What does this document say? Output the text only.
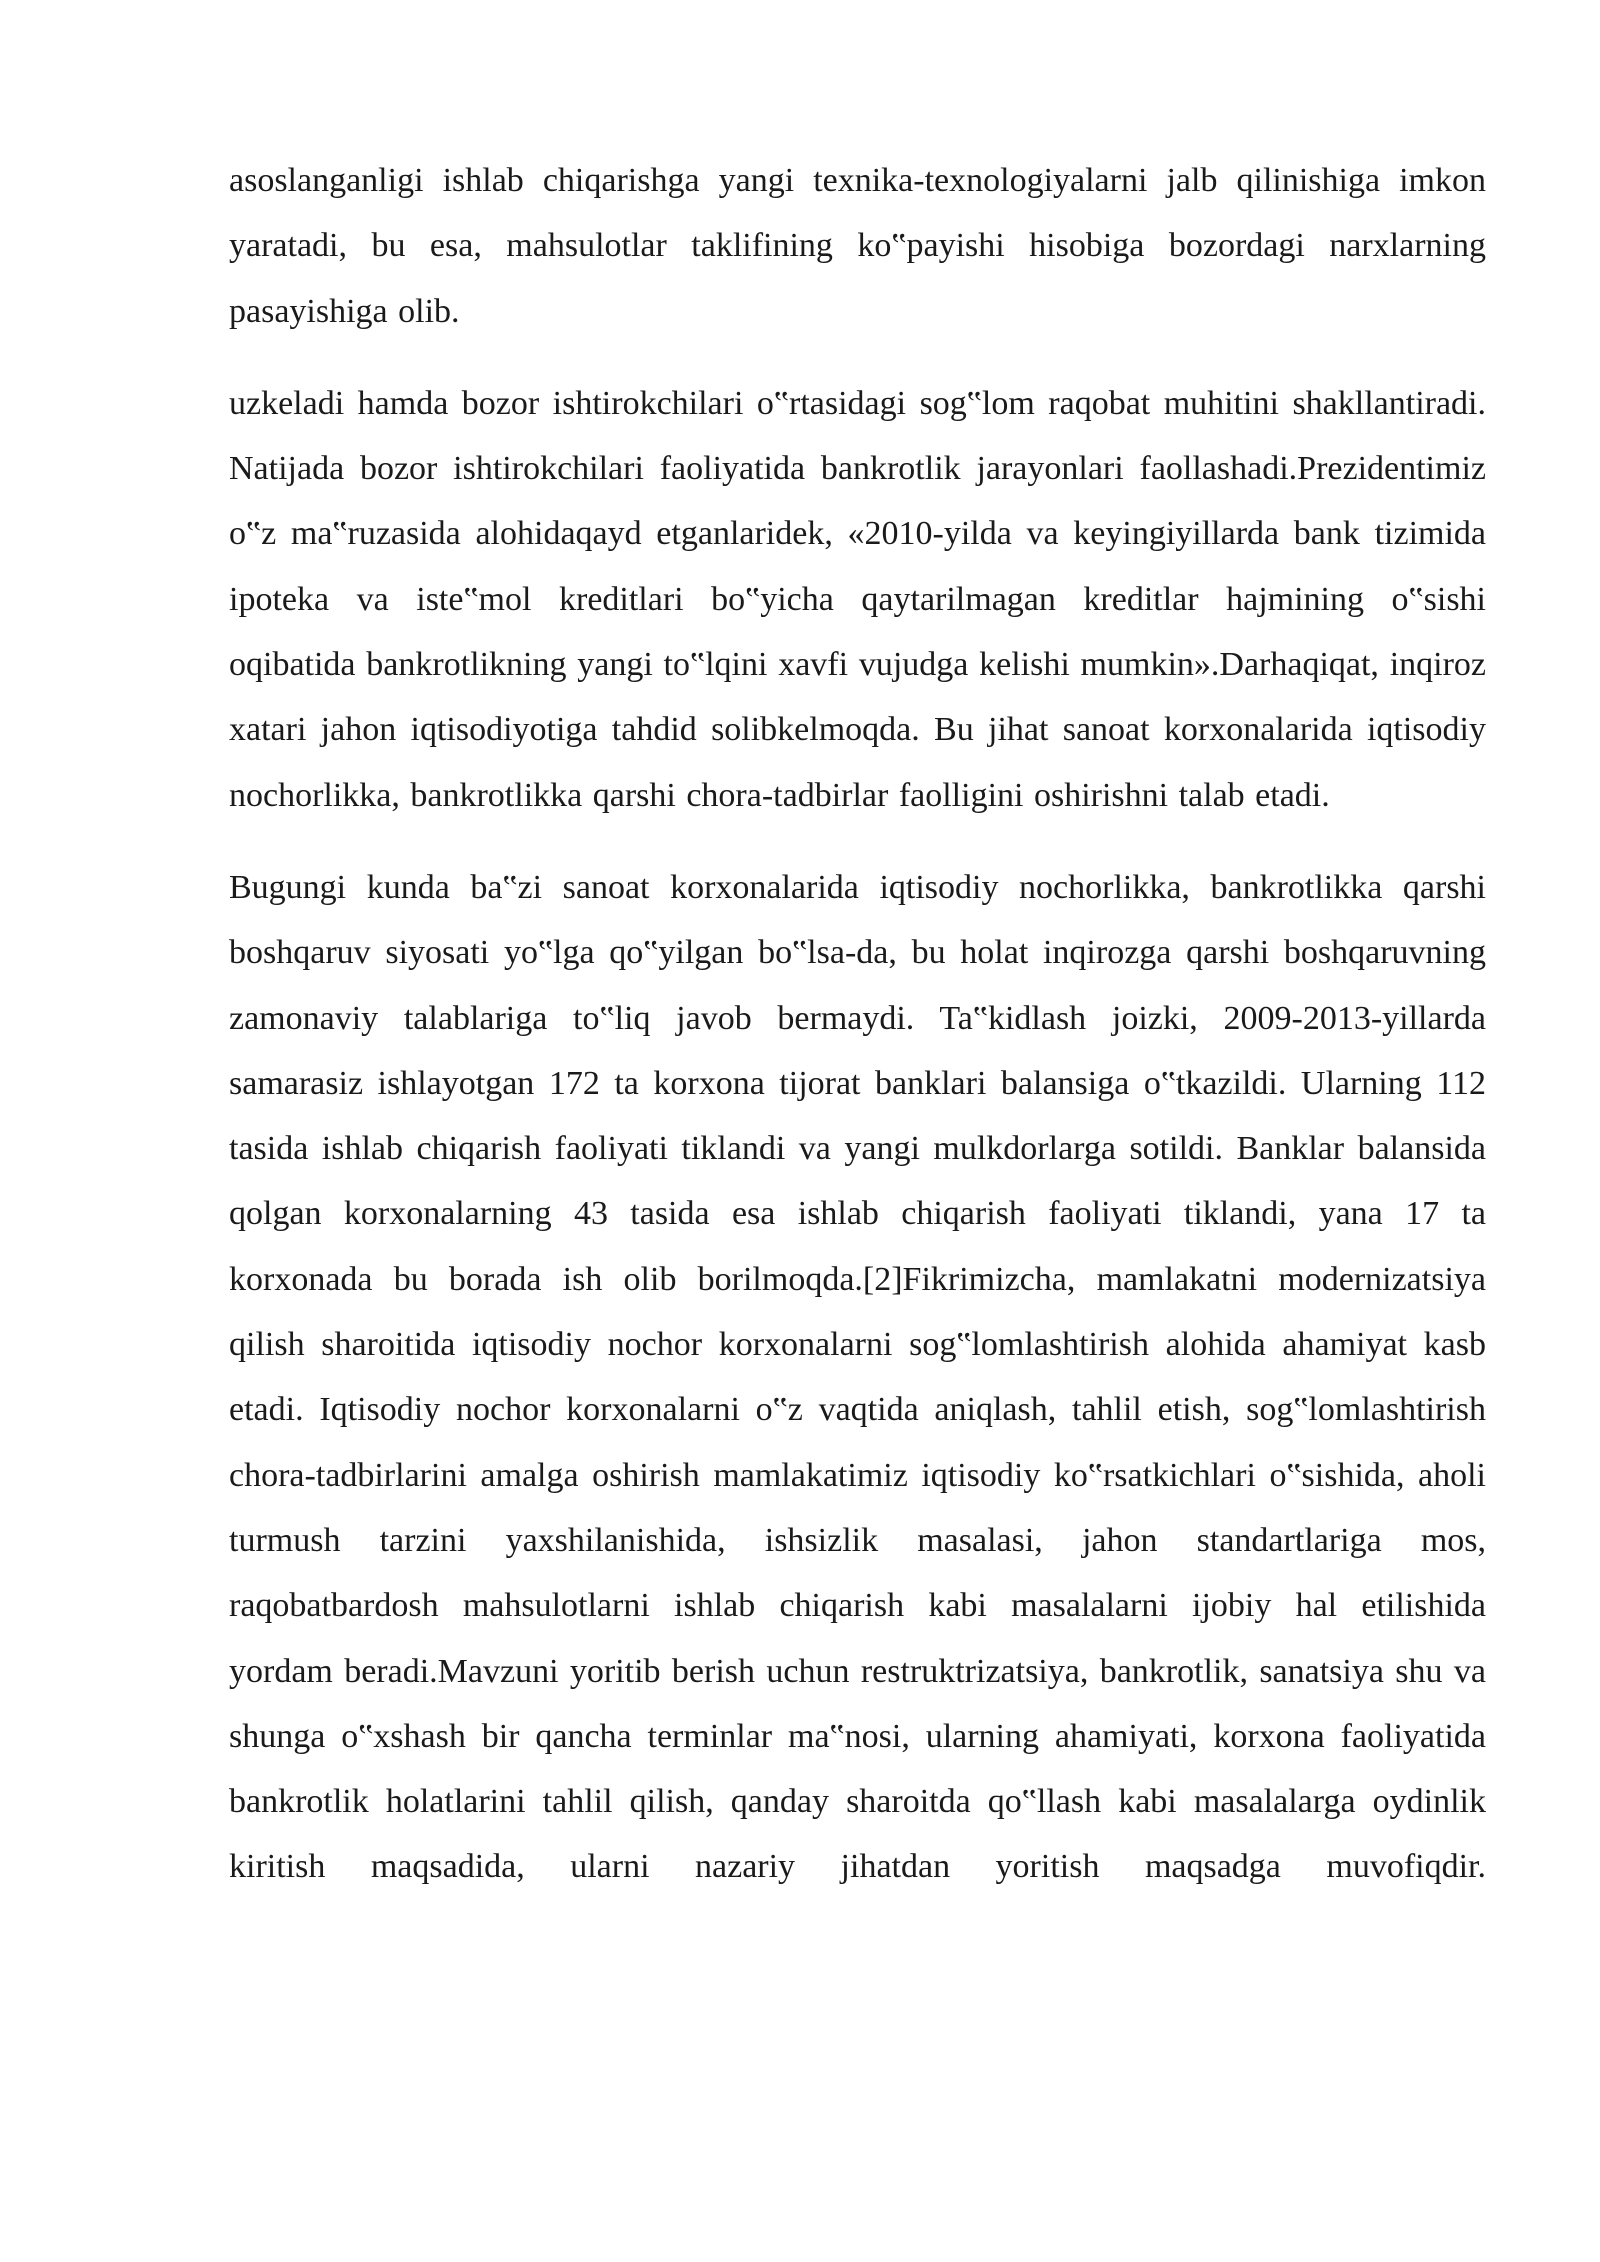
asoslanganligi ishlab chiqarishga yangi texnika-texnologiyalarni jalb qilinishiga imkon yaratadi, bu esa, mahsulotlar taklifining ko‟payishi hisobiga bozordagi narxlarning pasayishiga olib.

uzkeladi hamda bozor ishtirokchilari o‟rtasidagi sog‟lom raqobat muhitini shakllantiradi. Natijada bozor ishtirokchilari faoliyatida bankrotlik jarayonlari faollashadi.Prezidentimiz o‟z ma‟ruzasida alohidaqayd etganlaridek, «2010-yilda va keyingiyillarda bank tizimida ipoteka va iste‟mol kreditlari bo‟yicha qaytarilmagan kreditlar hajmining o‟sishi oqibatida bankrotlikning yangi to‟lqini xavfi vujudga kelishi mumkin».Darhaqiqat, inqiroz xatari jahon iqtisodiyotiga tahdid solibkelmoqda. Bu jihat sanoat korxonalarida iqtisodiy nochorlikka, bankrotlikka qarshi chora-tadbirlar faolligini oshirishni talab etadi.

Bugungi kunda ba‟zi sanoat korxonalarida iqtisodiy nochorlikka, bankrotlikka qarshi boshqaruv siyosati yo‟lga qo‟yilgan bo‟lsa-da, bu holat inqirozga qarshi boshqaruvning zamonaviy talablariga to‟liq javob bermaydi. Ta‟kidlash joizki, 2009-2013-yillarda samarasiz ishlayotgan 172 ta korxona tijorat banklari balansiga o‟tkazildi. Ularning 112 tasida ishlab chiqarish faoliyati tiklandi va yangi mulkdorlarga sotildi. Banklar balansida qolgan korxonalarning 43 tasida esa ishlab chiqarish faoliyati tiklandi, yana 17 ta korxonada bu borada ish olib borilmoqda.[2]Fikrimizcha, mamlakatni modernizatsiya qilish sharoitida iqtisodiy nochor korxonalarni sog‟lomlashtirish alohida ahamiyat kasb etadi. Iqtisodiy nochor korxonalarni o‟z vaqtida aniqlash, tahlil etish, sog‟lomlashtirish chora-tadbirlarini amalga oshirish mamlakatimiz iqtisodiy ko‟rsatkichlari o‟sishida, aholi turmush tarzini yaxshilanishida, ishsizlik masalasi, jahon standartlariga mos, raqobatbardosh mahsulotlarni ishlab chiqarish kabi masalalarni ijobiy hal etilishida yordam beradi.Mavzuni yoritib berish uchun restruktrizatsiya, bankrotlik, sanatsiya shu va shunga o‟xshash bir qancha terminlar ma‟nosi, ularning ahamiyati, korxona faoliyatida bankrotlik holatlarini tahlil qilish, qanday sharoitda qo‟llash kabi masalalarga oydinlik kiritish maqsadida, ularni nazariy jihatdan yoritish maqsadga muvofiqdir.
